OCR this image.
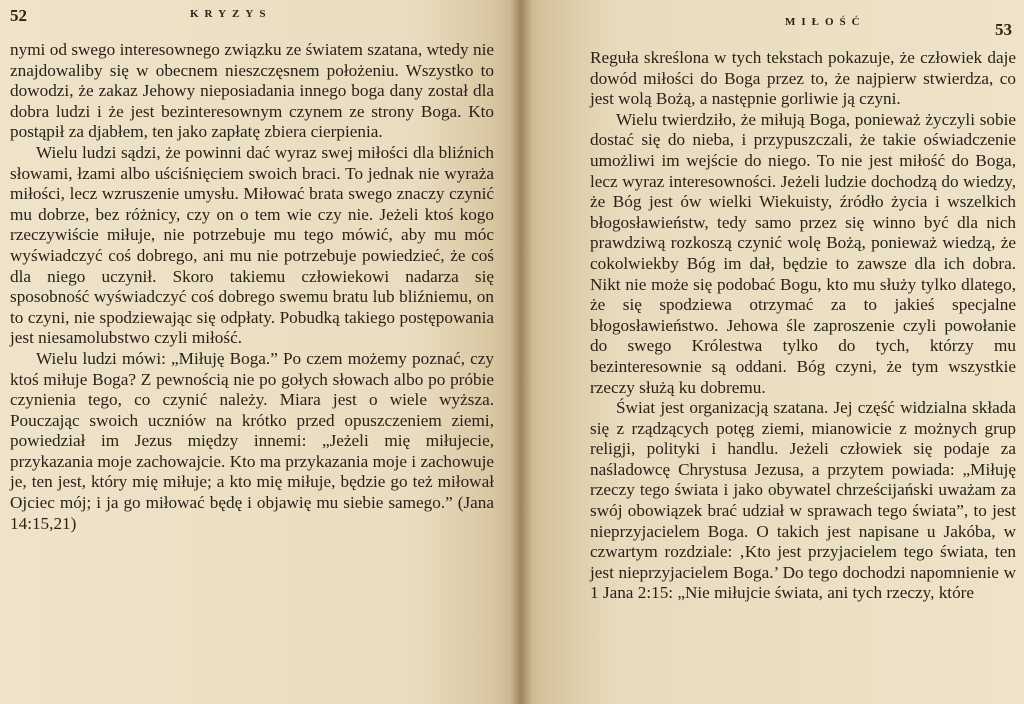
52	KRYZYS

nymi od swego interesownego związku ze światem szatana, wtedy nie znajdowaliby się w obecnem nieszczęsnem położeniu. Wszystko to dowodzi, że zakaz Jehowy nieposiadania innego boga dany został dla dobra ludzi i że jest bezinteresownym czynem ze strony Boga. Kto postąpił za djabłem, ten jako zapłatę zbiera cierpienia.

Wielu ludzi sądzi, że powinni dać wyraz swej miłości dla bliźnich słowami, łzami albo uściśnięciem swoich braci. To jednak nie wyraża miłości, lecz wzruszenie umysłu. Miłować brata swego znaczy czynić mu dobrze, bez różnicy, czy on o tem wie czy nie. Jeżeli ktoś kogo rzeczywiście miłuje, nie potrzebuje mu tego mówić, aby mu móc wyświadczyć coś dobrego, ani mu nie potrzebuje powiedzieć, że coś dla niego uczynił. Skoro takiemu człowiekowi nadarza się sposobność wyświadczyć coś dobrego swemu bratu lub bliźniemu, on to czyni, nie spodziewając się odpłaty. Pobudką takiego postępowania jest niesamolubstwo czyli miłość.

Wielu ludzi mówi: „Miłuję Boga.” Po czem możemy poznać, czy ktoś miłuje Boga? Z pewnością nie po gołych słowach albo po próbie czynienia tego, co czynić należy. Miara jest o wiele wyższa. Pouczając swoich uczniów na krótko przed opuszczeniem ziemi, powiedział im Jezus między innemi: „Jeżeli mię miłujecie, przykazania moje zachowajcie. Kto ma przykazania moje i zachowuje je, ten jest, który mię miłuje; a kto mię miłuje, będzie go też miłował Ojciec mój; i ja go miłować będę i objawię mu siebie samego.” (Jana 14:15,21)

MIŁOŚĆ	53

Reguła skreślona w tych tekstach pokazuje, że człowiek daje dowód miłości do Boga przez to, że najpierw stwierdza, co jest wolą Bożą, a następnie gorliwie ją czyni.

Wielu twierdziło, że miłują Boga, ponieważ życzyli sobie dostać się do nieba, i przypuszczali, że takie oświadczenie umożliwi im wejście do niego. To nie jest miłość do Boga, lecz wyraz interesowności. Jeżeli ludzie dochodzą do wiedzy, że Bóg jest ów wielki Wiekuisty, źródło życia i wszelkich błogosławieństw, tedy samo przez się winno być dla nich prawdziwą rozkoszą czynić wolę Bożą, ponieważ wiedzą, że cokolwiekby Bóg im dał, będzie to zawsze dla ich dobra. Nikt nie może się podobać Bogu, kto mu służy tylko dlatego, że się spodziewa otrzymać za to jakieś specjalne błogosławieństwo. Jehowa śle zaproszenie czyli powołanie do swego Królestwa tylko do tych, którzy mu bezinteresownie są oddani. Bóg czyni, że tym wszystkie rzeczy służą ku dobremu.

Świat jest organizacją szatana. Jej część widzialna składa się z rządzących potęg ziemi, mianowicie z możnych grup religji, polityki i handlu. Jeżeli człowiek się podaje za naśladowcę Chrystusa Jezusa, a przytem powiada: „Miłuję rzeczy tego świata i jako obywatel chrześcijański uważam za swój obowiązek brać udział w sprawach tego świata”, to jest nieprzyjacielem Boga. O takich jest napisane u Jakóba, w czwartym rozdziale: ‚Kto jest przyjacielem tego świata, ten jest nieprzyjacielem Boga.’ Do tego dochodzi napomnienie w 1 Jana 2:15: „Nie miłujcie świata, ani tych rzeczy, które
